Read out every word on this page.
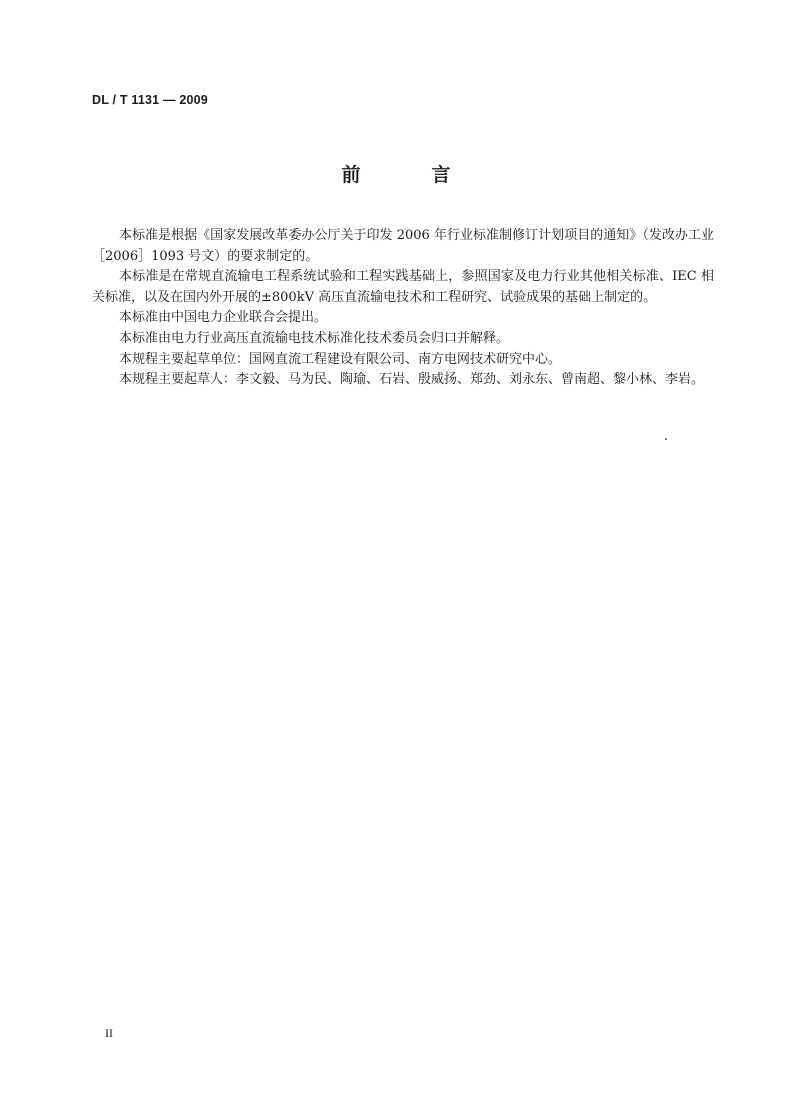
DL / T 1131 — 2009
前　言

本标准是根据《国家发展改革委办公厅关于印发 2006 年行业标准制修订计划项目的通知》（发改办工业［2006］1093 号文）的要求制定的。

本标准是在常规直流输电工程系统试验和工程实践基础上，参照国家及电力行业其他相关标准、IEC 相关标准，以及在国内外开展的±800kV 高压直流输电技术和工程研究、试验成果的基础上制定的。

本标准由中国电力企业联合会提出。

本标准由电力行业高压直流输电技术标准化技术委员会归口并解释。

本规程主要起草单位：国网直流工程建设有限公司、南方电网技术研究中心。

本规程主要起草人：李文毅、马为民、陶瑜、石岩、殷威扬、郑劲、刘永东、曾南超、黎小林、李岩。

II
